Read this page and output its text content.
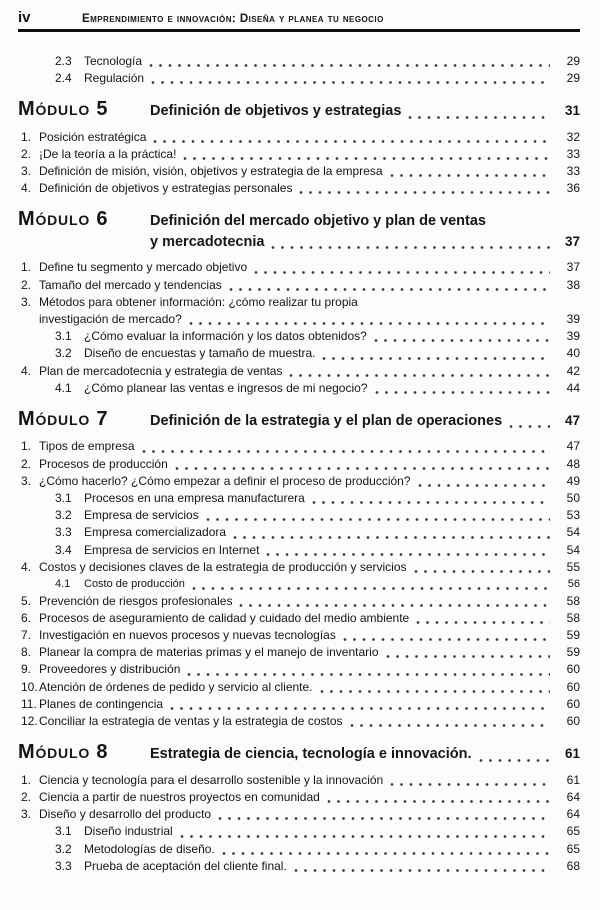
iv	Emprendimiento e innovación: Diseña y planea tu negocio
2.3	Tecnología	29
2.4	Regulación	29
Módulo 5	Definición de objetivos y estrategias	31
1. Posición estratégica	32
2. ¡De la teoría a la práctica!	33
3. Definición de misión, visión, objetivos y estrategia de la empresa	33
4. Definición de objetivos y estrategias personales	36
Módulo 6	Definición del mercado objetivo y plan de ventas
y mercadotecnia	37
1. Define tu segmento y mercado objetivo	37
2. Tamaño del mercado y tendencias	38
3. Métodos para obtener información: ¿cómo realizar tu propia
investigación de mercado?	39
3.1	¿Cómo evaluar la información y los datos obtenidos?	39
3.2	Diseño de encuestas y tamaño de muestra.	40
4. Plan de mercadotecnia y estrategia de ventas	42
4.1	¿Cómo planear las ventas e ingresos de mi negocio?	44
Módulo 7	Definición de la estrategia y el plan de operaciones	47
1. Tipos de empresa	47
2. Procesos de producción	48
3. ¿Cómo hacerlo? ¿Cómo empezar a definir el proceso de producción?	49
3.1	Procesos en una empresa manufacturera	50
3.2	Empresa de servicios	53
3.3	Empresa comercializadora	54
3.4	Empresa de servicios en Internet	54
4. Costos y decisiones claves de la estrategia de producción y servicios	55
4.1	Costo de producción	56
5. Prevención de riesgos profesionales	58
6. Procesos de aseguramiento de calidad y cuidado del medio ambiente	58
7. Investigación en nuevos procesos y nuevas tecnologías	59
8. Planear la compra de materias primas y el manejo de inventario	59
9. Proveedores y distribución	60
10. Atención de órdenes de pedido y servicio al cliente.	60
11. Planes de contingencia	60
12. Conciliar la estrategia de ventas y la estrategia de costos	60
Módulo 8	Estrategia de ciencia, tecnología e innovación.	61
1. Ciencia y tecnología para el desarrollo sostenible y la innovación	61
2. Ciencia a partir de nuestros proyectos en comunidad	64
3. Diseño y desarrollo del producto	64
3.1	Diseño industrial	65
3.2	Metodologías de diseño.	65
3.3	Prueba de aceptación del cliente final.	68
